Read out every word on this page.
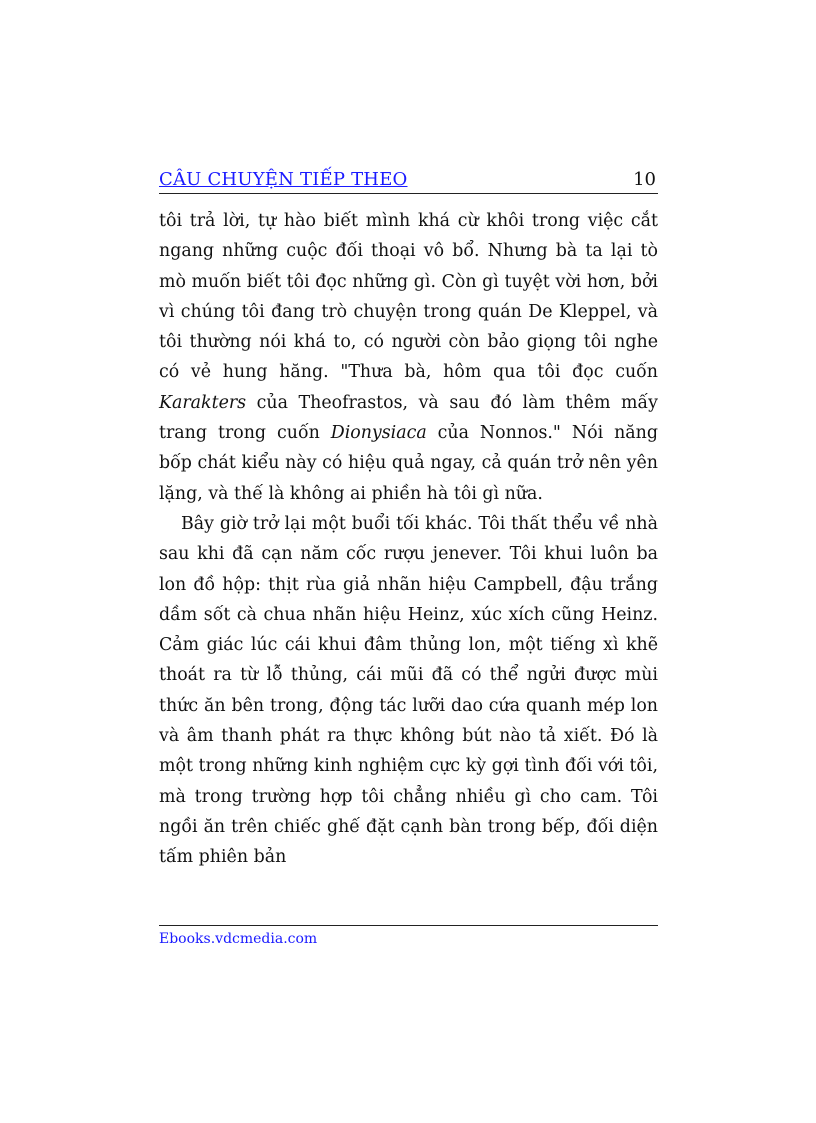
CÂU CHUYỆN TIẾP THEO	10

tôi trả lời, tự hào biết mình khá cừ khôi trong việc cắt ngang những cuộc đối thoại vô bổ. Nhưng bà ta lại tò mò muốn biết tôi đọc những gì. Còn gì tuyệt vời hơn, bởi vì chúng tôi đang trò chuyện trong quán De Kleppel, và tôi thường nói khá to, có người còn bảo giọng tôi nghe có vẻ hung hăng. "Thưa bà, hôm qua tôi đọc cuốn Karakters của Theofrastos, và sau đó làm thêm mấy trang trong cuốn Dionysiaca của Nonnos." Nói năng bốp chát kiểu này có hiệu quả ngay, cả quán trở nên yên lặng, và thế là không ai phiền hà tôi gì nữa.

Bây giờ trở lại một buổi tối khác. Tôi thất thểu về nhà sau khi đã cạn năm cốc rượu jenever. Tôi khui luôn ba lon đồ hộp: thịt rùa giả nhãn hiệu Campbell, đậu trắng dầm sốt cà chua nhãn hiệu Heinz, xúc xích cũng Heinz. Cảm giác lúc cái khui đâm thủng lon, một tiếng xì khẽ thoát ra từ lỗ thủng, cái mũi đã có thể ngửi được mùi thức ăn bên trong, động tác lưỡi dao cứa quanh mép lon và âm thanh phát ra thực không bút nào tả xiết. Đó là một trong những kinh nghiệm cực kỳ gợi tình đối với tôi, mà trong trường hợp tôi chẳng nhiều gì cho cam. Tôi ngồi ăn trên chiếc ghế đặt cạnh bàn trong bếp, đối diện tấm phiên bản

Ebooks.vdcmedia.com
